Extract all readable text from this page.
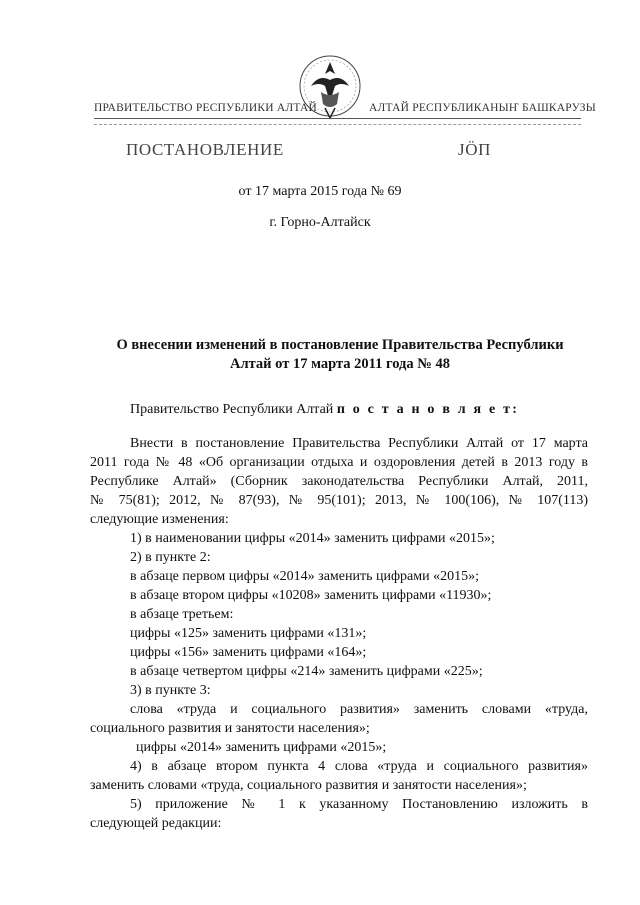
ПРАВИТЕЛЬСТВО РЕСПУБЛИКИ АЛТАЙ	АЛТАЙ РЕСПУБЛИКАНЫҤ БАШКАРУЗЫ
ПОСТАНОВЛЕНИЕ	JÖП
от 17 марта 2015 года № 69
г. Горно-Алтайск
О внесении изменений в постановление Правительства Республики
Алтай от 17 марта 2011 года № 48
Правительство Республики Алтай п о с т а н о в л я е т:
Внести в постановление Правительства Республики Алтай от 17 марта
2011 года № 48 «Об организации отдыха и оздоровления детей в 2013 году в
Республике Алтай» (Сборник законодательства Республики Алтай, 2011,
№ 75(81); 2012, № 87(93), № 95(101); 2013, № 100(106), № 107(113)
следующие изменения:
1) в наименовании цифры «2014» заменить цифрами «2015»;
2) в пункте 2:
в абзаце первом цифры «2014» заменить цифрами «2015»;
в абзаце втором цифры «10208» заменить цифрами «11930»;
в абзаце третьем:
цифры «125» заменить цифрами «131»;
цифры «156» заменить цифрами «164»;
в абзаце четвертом цифры «214» заменить цифрами «225»;
3) в пункте 3:
слова «труда и социального развития» заменить словами «труда,
социального развития и занятости населения»;
цифры «2014» заменить цифрами «2015»;
4) в абзаце втором пункта 4 слова «труда и социального развития»
заменить словами «труда, социального развития и занятости населения»;
5) приложение № 1 к указанному Постановлению изложить в
следующей редакции:
